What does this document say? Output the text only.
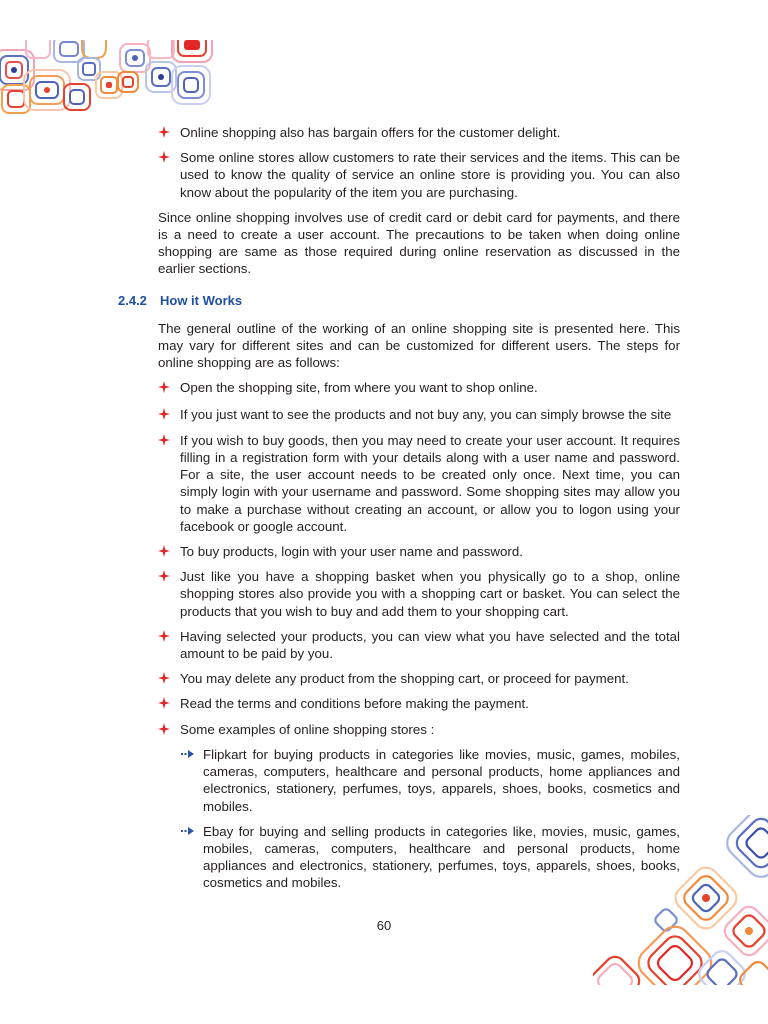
Online shopping also has bargain offers for the customer delight.
Some online stores allow customers to rate their services and the items. This can be used to know the quality of service an online store is providing you. You can also know about the popularity of the item you are purchasing.

Since online shopping involves use of credit card or debit card for payments, and there is a need to create a user account. The precautions to be taken when doing online shopping are same as those required during online reservation as discussed in the earlier sections.

2.4.2 How it Works

The general outline of the working of an online shopping site is presented here. This may vary for different sites and can be customized for different users. The steps for online shopping are as follows:

Open the shopping site, from where you want to shop online.
If you just want to see the products and not buy any, you can simply browse the site
If you wish to buy goods, then you may need to create your user account. It requires filling in a registration form with your details along with a user name and password. For a site, the user account needs to be created only once. Next time, you can simply login with your username and password. Some shopping sites may allow you to make a purchase without creating an account, or allow you to logon using your facebook or google account.
To buy products, login with your user name and password.
Just like you have a shopping basket when you physically go to a shop, online shopping stores also provide you with a shopping cart or basket. You can select the products that you wish to buy and add them to your shopping cart.
Having selected your products, you can view what you have selected and the total amount to be paid by you.
You may delete any product from the shopping cart, or proceed for payment.
Read the terms and conditions before making the payment.
Some examples of online shopping stores :
Flipkart for buying products in categories like movies, music, games, mobiles, cameras, computers, healthcare and personal products, home appliances and electronics, stationery, perfumes, toys, apparels, shoes, books, cosmetics and mobiles.
Ebay for buying and selling products in categories like, movies, music, games, mobiles, cameras, computers, healthcare and personal products, home appliances and electronics, stationery, perfumes, toys, apparels, shoes, books, cosmetics and mobiles.
60
